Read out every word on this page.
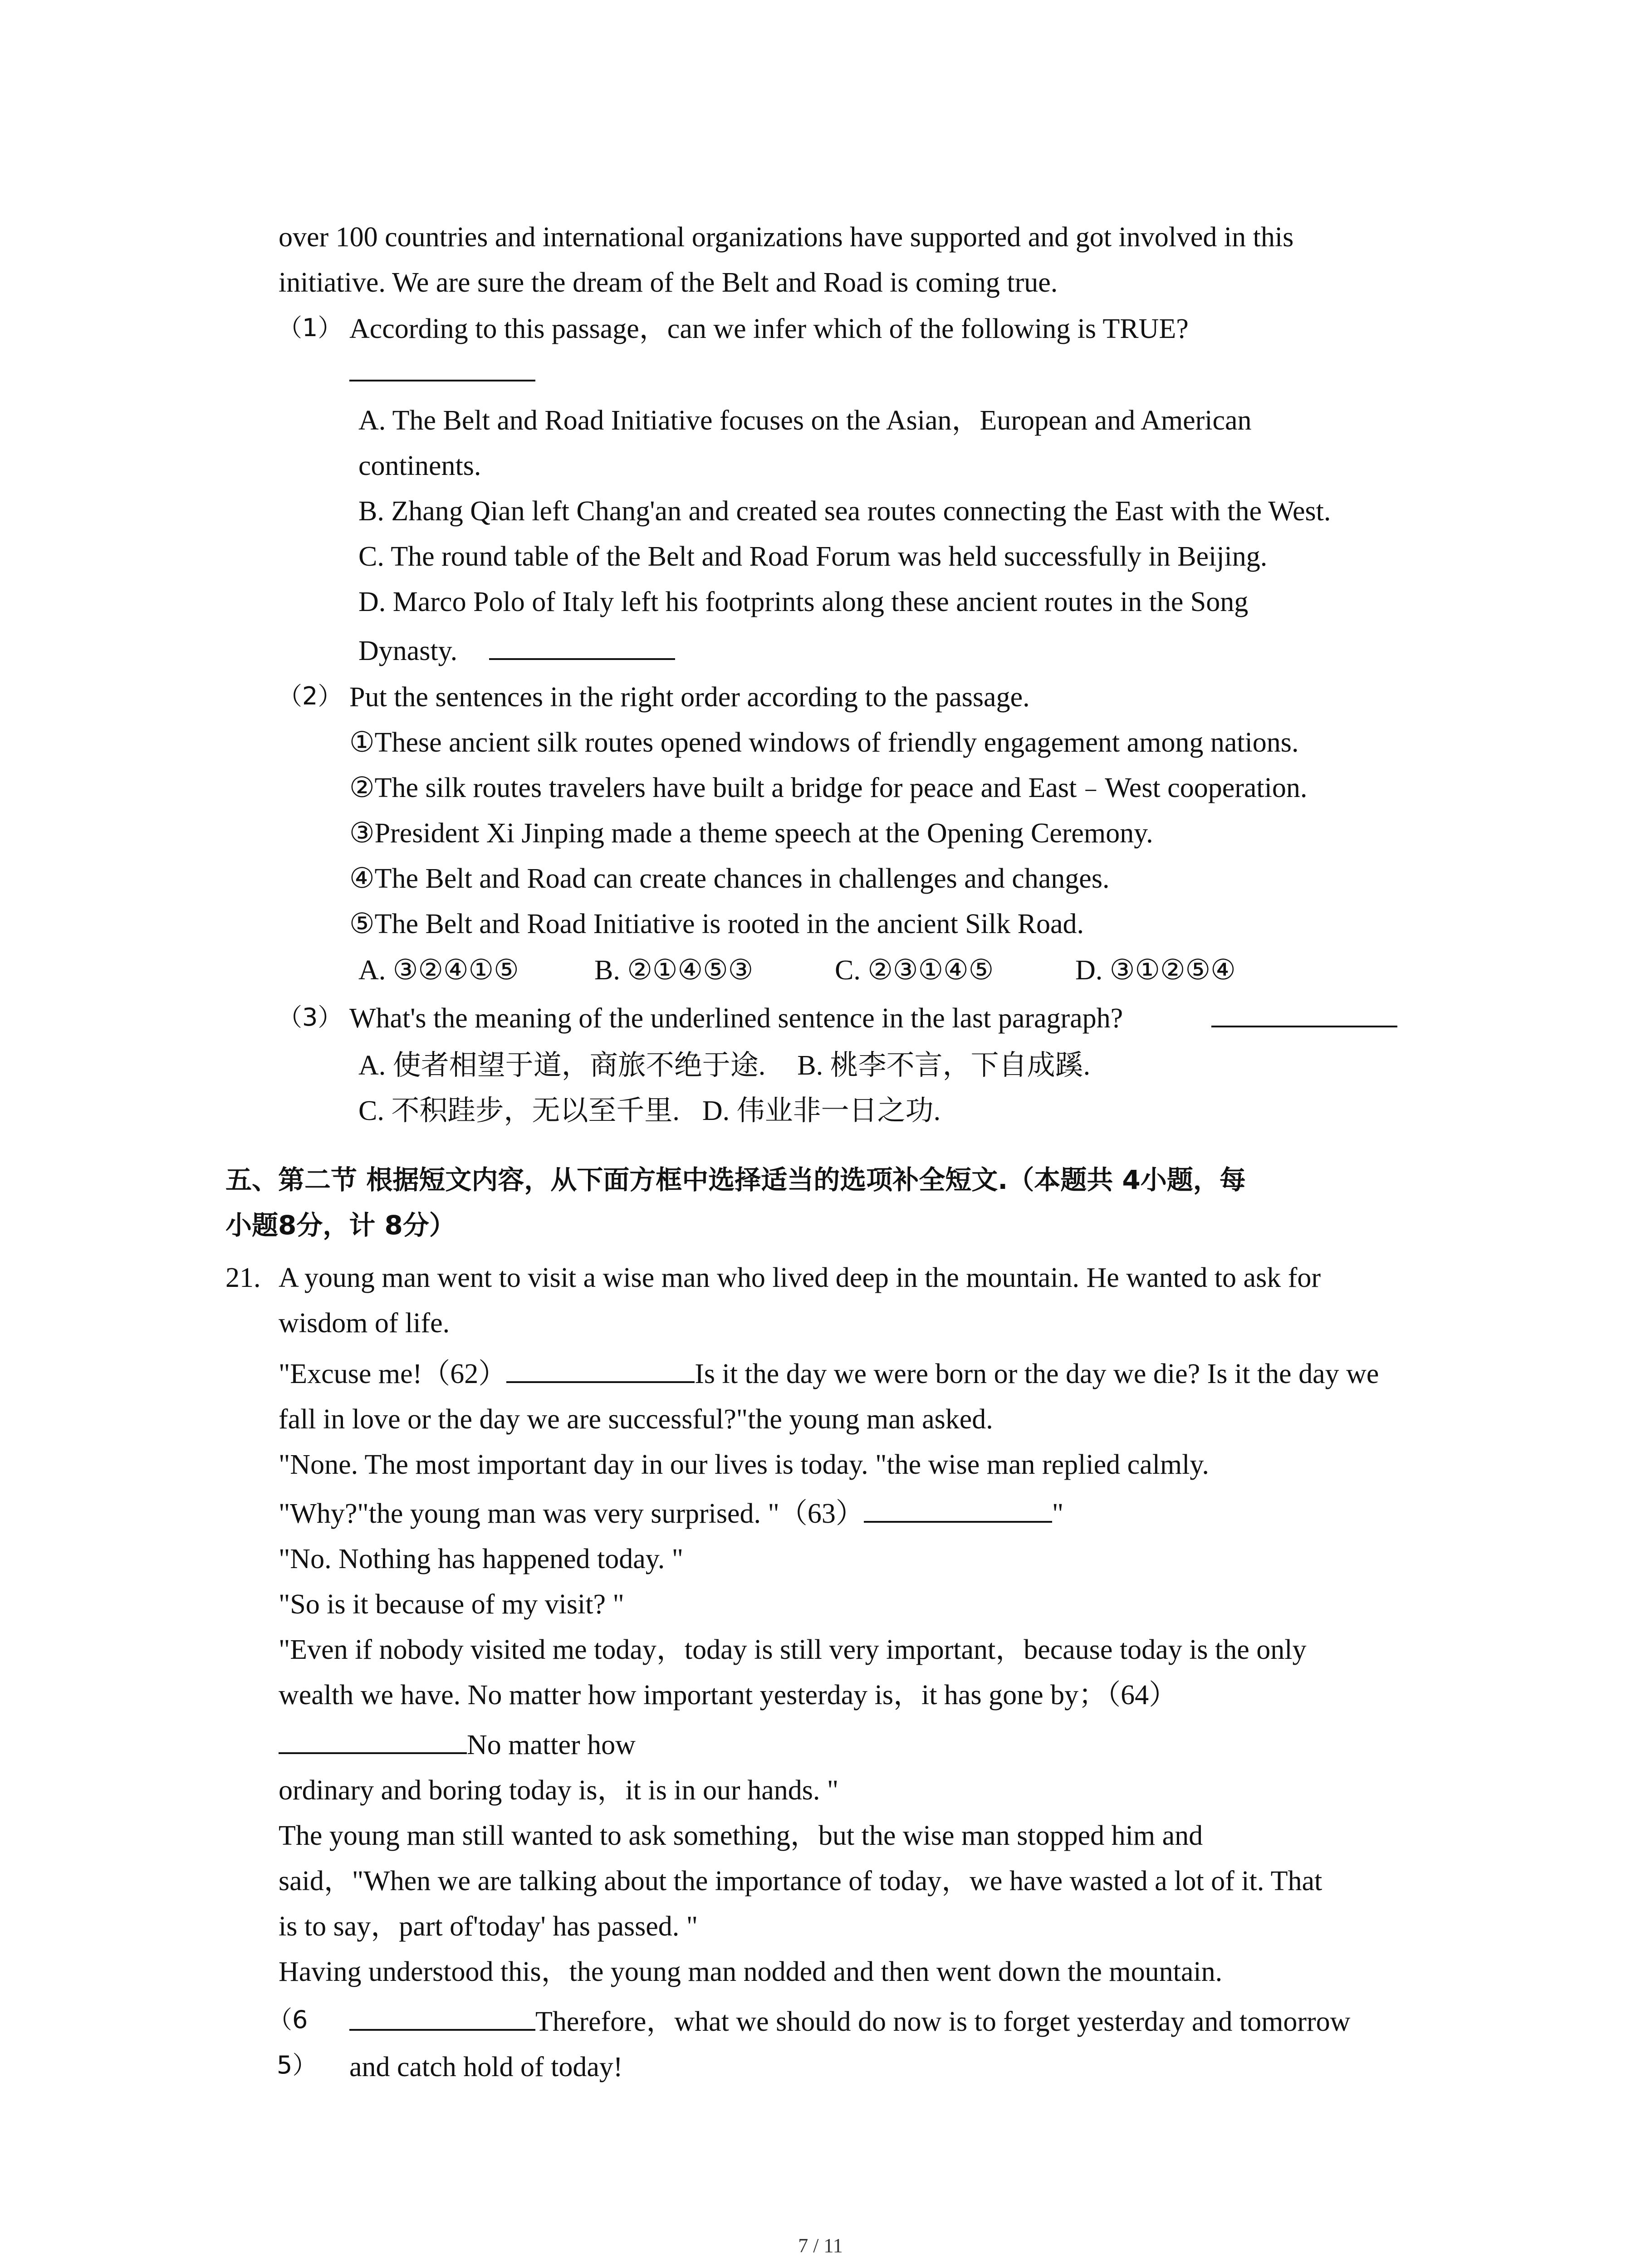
over 100 countries and international organizations have supported and got involved in this
initiative. We are sure the dream of the Belt and Road is coming true.
（1） According to this passage，can we infer which of the following is TRUE?
A. The Belt and Road Initiative focuses on the Asian，European and American
continents.
B. Zhang Qian left Chang'an and created sea routes connecting the East with the West.
C. The round table of the Belt and Road Forum was held successfully in Beijing.
D. Marco Polo of Italy left his footprints along these ancient routes in the Song
Dynasty.
（2） Put the sentences in the right order according to the passage.
①These ancient silk routes opened windows of friendly engagement among nations.
②The silk routes travelers have built a bridge for peace and East﹣West cooperation.
③President Xi Jinping made a theme speech at the Opening Ceremony.
④The Belt and Road can create chances in challenges and changes.
⑤The Belt and Road Initiative is rooted in the ancient Silk Road.
A. ③②④①⑤	B. ②①④⑤③	C. ②③①④⑤	D. ③①②⑤④
（3） What's the meaning of the underlined sentence in the last paragraph?
A. 使者相望于道，商旅不绝于途. B. 桃李不言，下自成蹊.
C. 不积跬步，无以至千里. D. 伟业非一日之功.
五、第二节 根据短文内容，从下面方框中选择适当的选项补全短文.（本题共 4小题，每
小题8分，计 8分）
21. A young man went to visit a wise man who lived deep in the mountain. He wanted to ask for
wisdom of life.
"Excuse me!（62）	Is it the day we were born or the day we die? Is it the day we
fall in love or the day we are successful?"the young man asked.
"None. The most important day in our lives is today. "the wise man replied calmly.
"Why?"the young man was very surprised. "（63）	"
"No. Nothing has happened today. "
"So is it because of my visit? "
"Even if nobody visited me today，today is still very important，because today is the only
wealth we have. No matter how important yesterday is，it has gone by；（64）
No matter how
ordinary and boring today is，it is in our hands. "
The young man still wanted to ask something，but the wise man stopped him and
said，"When we are talking about the importance of today，we have wasted a lot of it. That
is to say，part of'today' has passed. "
Having understood this，the young man nodded and then went down the mountain.
（6
5）
Therefore，what we should do now is to forget yesterday and tomorrow
and catch hold of today!
7 / 11
